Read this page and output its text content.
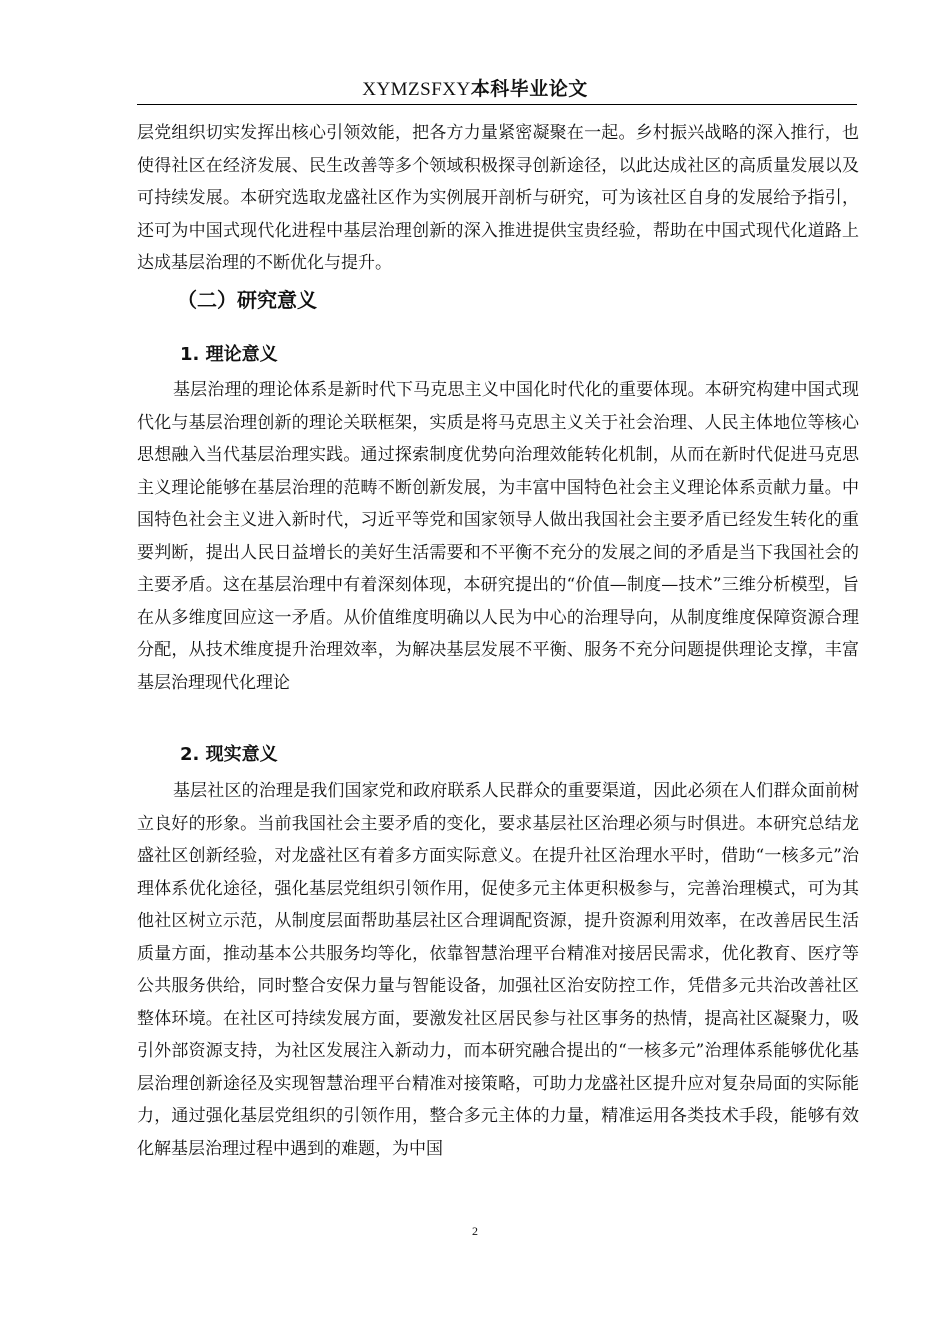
XYMZSFXY本科毕业论文

层党组织切实发挥出核心引领效能，把各方力量紧密凝聚在一起。乡村振兴战略的深入推行，也使得社区在经济发展、民生改善等多个领域积极探寻创新途径，以此达成社区的高质量发展以及可持续发展。本研究选取龙盛社区作为实例展开剖析与研究，可为该社区自身的发展给予指引，还可为中国式现代化进程中基层治理创新的深入推进提供宝贵经验，帮助在中国式现代化道路上达成基层治理的不断优化与提升。

（二）研究意义
1. 理论意义

基层治理的理论体系是新时代下马克思主义中国化时代化的重要体现。本研究构建中国式现代化与基层治理创新的理论关联框架，实质是将马克思主义关于社会治理、人民主体地位等核心思想融入当代基层治理实践。通过探索制度优势向治理效能转化机制，从而在新时代促进马克思主义理论能够在基层治理的范畴不断创新发展，为丰富中国特色社会主义理论体系贡献力量。中国特色社会主义进入新时代，习近平等党和国家领导人做出我国社会主要矛盾已经发生转化的重要判断，提出人民日益增长的美好生活需要和不平衡不充分的发展之间的矛盾是当下我国社会的主要矛盾。这在基层治理中有着深刻体现，本研究提出的“价值—制度—技术”三维分析模型，旨在从多维度回应这一矛盾。从价值维度明确以人民为中心的治理导向，从制度维度保障资源合理分配，从技术维度提升治理效率，为解决基层发展不平衡、服务不充分问题提供理论支撑，丰富基层治理现代化理论

2. 现实意义

基层社区的治理是我们国家党和政府联系人民群众的重要渠道，因此必须在人们群众面前树立良好的形象。当前我国社会主要矛盾的变化，要求基层社区治理必须与时俱进。本研究总结龙盛社区创新经验，对龙盛社区有着多方面实际意义。在提升社区治理水平时，借助“一核多元”治理体系优化途径，强化基层党组织引领作用，促使多元主体更积极参与，完善治理模式，可为其他社区树立示范，从制度层面帮助基层社区合理调配资源，提升资源利用效率，在改善居民生活质量方面，推动基本公共服务均等化，依靠智慧治理平台精准对接居民需求，优化教育、医疗等公共服务供给，同时整合安保力量与智能设备，加强社区治安防控工作，凭借多元共治改善社区整体环境。在社区可持续发展方面，要激发社区居民参与社区事务的热情，提高社区凝聚力，吸引外部资源支持，为社区发展注入新动力，而本研究融合提出的“一核多元”治理体系能够优化基层治理创新途径及实现智慧治理平台精准对接策略，可助力龙盛社区提升应对复杂局面的实际能力，通过强化基层党组织的引领作用，整合多元主体的力量，精准运用各类技术手段，能够有效化解基层治理过程中遇到的难题，为中国

2
